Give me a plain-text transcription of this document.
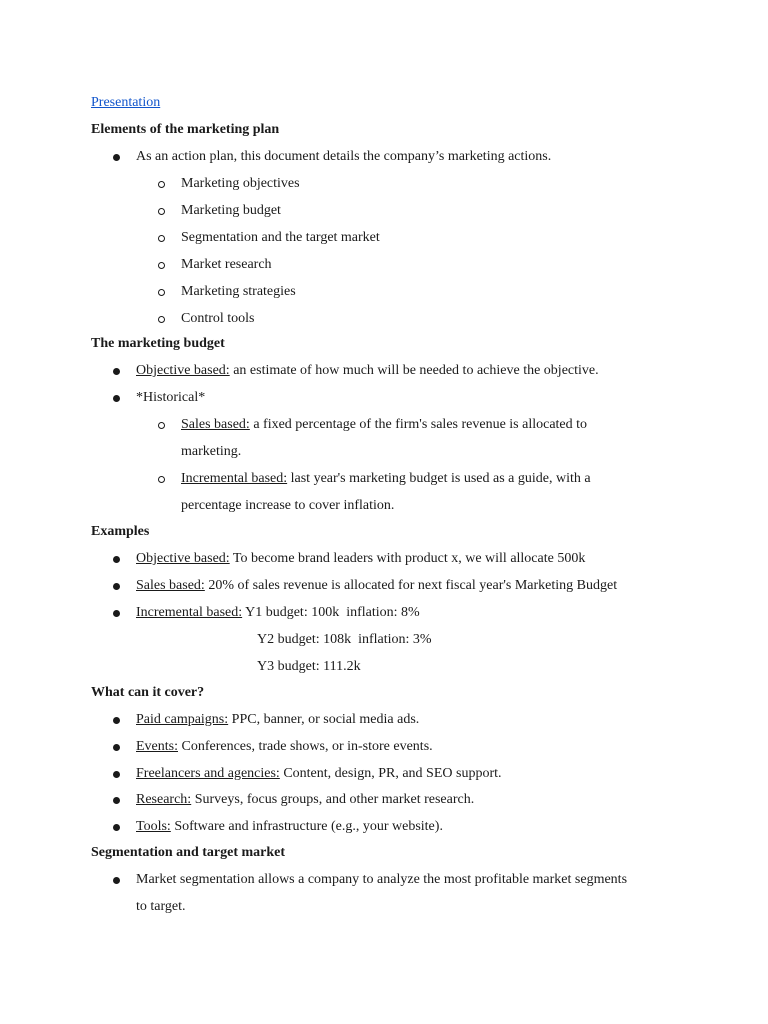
Presentation
Elements of the marketing plan
As an action plan, this document details the company’s marketing actions.
Marketing objectives
Marketing budget
Segmentation and the target market
Market research
Marketing strategies
Control tools
The marketing budget
Objective based: an estimate of how much will be needed to achieve the objective.
*Historical*
Sales based: a fixed percentage of the firm's sales revenue is allocated to
marketing.
Incremental based: last year's marketing budget is used as a guide, with a
percentage increase to cover inflation.
Examples
Objective based: To become brand leaders with product x, we will allocate 500k
Sales based: 20% of sales revenue is allocated for next fiscal year's Marketing Budget
Incremental based: Y1 budget: 100k  inflation: 8%
Y2 budget: 108k  inflation: 3%
Y3 budget: 111.2k
What can it cover?
Paid campaigns: PPC, banner, or social media ads.
Events: Conferences, trade shows, or in-store events.
Freelancers and agencies: Content, design, PR, and SEO support.
Research: Surveys, focus groups, and other market research.
Tools: Software and infrastructure (e.g., your website).
Segmentation and target market
Market segmentation allows a company to analyze the most profitable market segments
to target.
